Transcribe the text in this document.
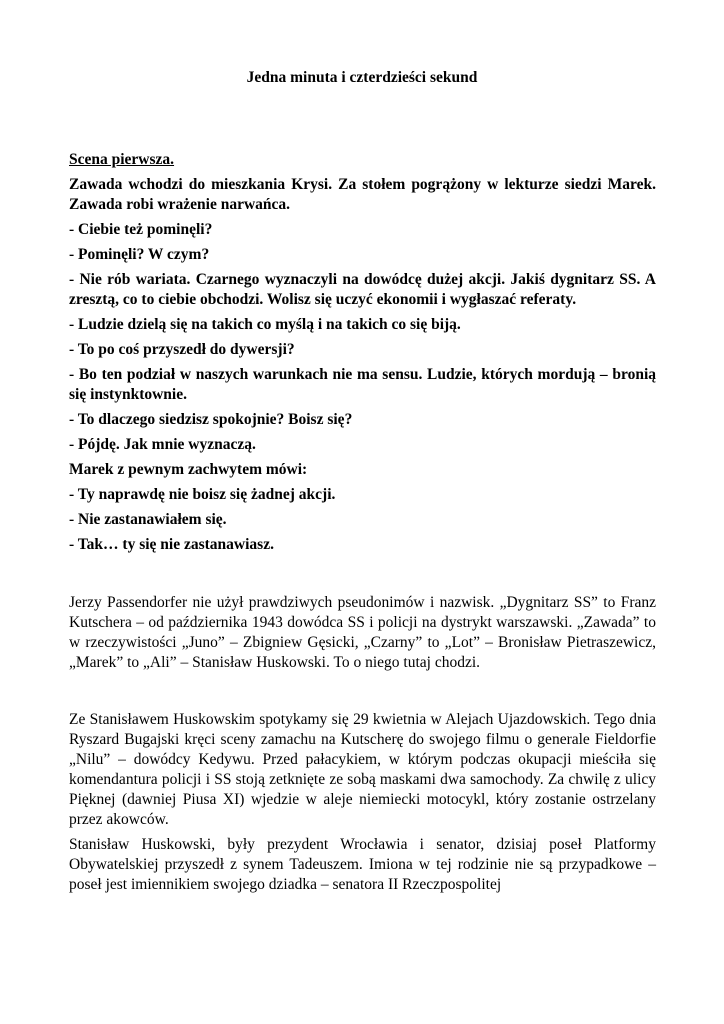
Jedna minuta i czterdzieści sekund

Scena pierwsza.

Zawada wchodzi do mieszkania Krysi. Za stołem pogrążony w lekturze siedzi Marek. Zawada robi wrażenie narwańca.

- Ciebie też pominęli?

- Pominęli? W czym?

- Nie rób wariata. Czarnego wyznaczyli na dowódcę dużej akcji. Jakiś dygnitarz SS. A zresztą, co to ciebie obchodzi. Wolisz się uczyć ekonomii i wygłaszać referaty.

- Ludzie dzielą się na takich co myślą i na takich co się biją.

- To po coś przyszedł do dywersji?

- Bo ten podział w naszych warunkach nie ma sensu. Ludzie, których mordują – bronią się instynktownie.

- To dlaczego siedzisz spokojnie? Boisz się?

- Pójdę. Jak mnie wyznaczą.

Marek z pewnym zachwytem mówi:

- Ty naprawdę nie boisz się żadnej akcji.

- Nie zastanawiałem się.

- Tak… ty się nie zastanawiasz.

Jerzy Passendorfer nie użył prawdziwych pseudonimów i nazwisk. „Dygnitarz SS” to Franz Kutschera – od października 1943 dowódca SS i policji na dystrykt warszawski. „Zawada” to w rzeczywistości „Juno” – Zbigniew Gęsicki, „Czarny” to „Lot” – Bronisław Pietraszewicz, „Marek” to „Ali” – Stanisław Huskowski. To o niego tutaj chodzi.

Ze Stanisławem Huskowskim spotykamy się 29 kwietnia w Alejach Ujazdowskich. Tego dnia Ryszard Bugajski kręci sceny zamachu na Kutscherę do swojego filmu o generale Fieldorfie „Nilu” – dowódcy Kedywu. Przed pałacykiem, w którym podczas okupacji mieściła się komendantura policji i SS stoją zetknięte ze sobą maskami dwa samochody. Za chwilę z ulicy Pięknej (dawniej Piusa XI) wjedzie w aleje niemiecki motocykl, który zostanie ostrzelany przez akowców.

Stanisław Huskowski, były prezydent Wrocławia i senator, dzisiaj poseł Platformy Obywatelskiej przyszedł z synem Tadeuszem. Imiona w tej rodzinie nie są przypadkowe – poseł jest imiennikiem swojego dziadka – senatora II Rzeczpospolitej
